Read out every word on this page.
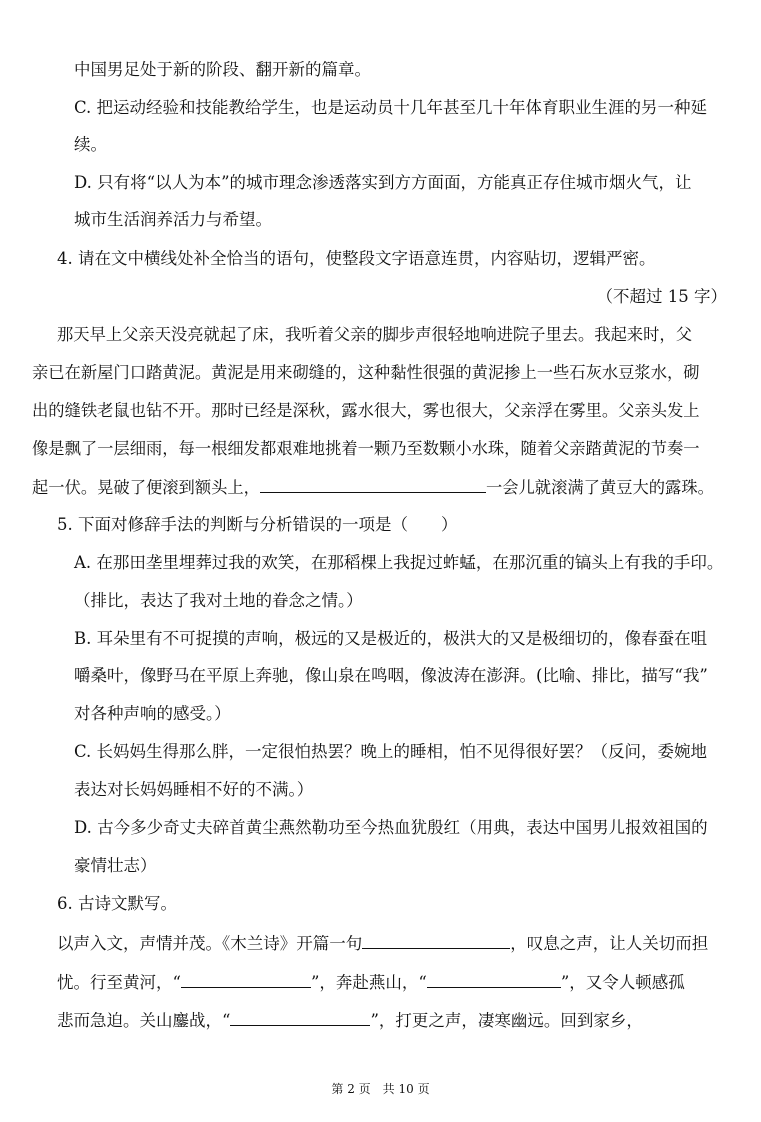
中国男足处于新的阶段、翻开新的篇章。
C. 把运动经验和技能教给学生，也是运动员十几年甚至几十年体育职业生涯的另一种延
续。
D. 只有将“以人为本”的城市理念渗透落实到方方面面，方能真正存住城市烟火气，让
城市生活润养活力与希望。
4. 请在文中横线处补全恰当的语句，使整段文字语意连贯，内容贴切，逻辑严密。
（不超过 15 字）
那天早上父亲天没亮就起了床，我听着父亲的脚步声很轻地响进院子里去。我起来时，父
亲已在新屋门口踏黄泥。黄泥是用来砌缝的，这种黏性很强的黄泥掺上一些石灰水豆浆水，砌
出的缝铁老鼠也钻不开。那时已经是深秋，露水很大，雾也很大，父亲浮在雾里。父亲头发上
像是飘了一层细雨，每一根细发都艰难地挑着一颗乃至数颗小水珠，随着父亲踏黄泥的节奏一
起一伏。晃破了便滚到额头上，	一会儿就滚满了黄豆大的露珠。
5. 下面对修辞手法的判断与分析错误的一项是（　　）
A. 在那田垄里埋葬过我的欢笑，在那稻棵上我捉过蚱蜢，在那沉重的镐头上有我的手印。
（排比，表达了我对土地的眷念之情。）
B. 耳朵里有不可捉摸的声响，极远的又是极近的，极洪大的又是极细切的，像春蚕在咀
嚼桑叶，像野马在平原上奔驰，像山泉在鸣咽，像波涛在澎湃。(比喻、排比，描写“我”
对各种声响的感受。）
C. 长妈妈生得那么胖，一定很怕热罢？晚上的睡相，怕不见得很好罢？（反问，委婉地
表达对长妈妈睡相不好的不满。）
D. 古今多少奇丈夫碎首黄尘燕然勒功至今热血犹殷红（用典，表达中国男儿报效祖国的
豪情壮志）
6. 古诗文默写。
以声入文，声情并茂。《木兰诗》开篇一句	，叹息之声，让人关切而担
忧。行至黄河，“	”，奔赴燕山，“	”，又令人顿感孤
悲而急迫。关山鏖战，“	”，打更之声，凄寒幽远。回到家乡，
第 2 页　共 10 页
